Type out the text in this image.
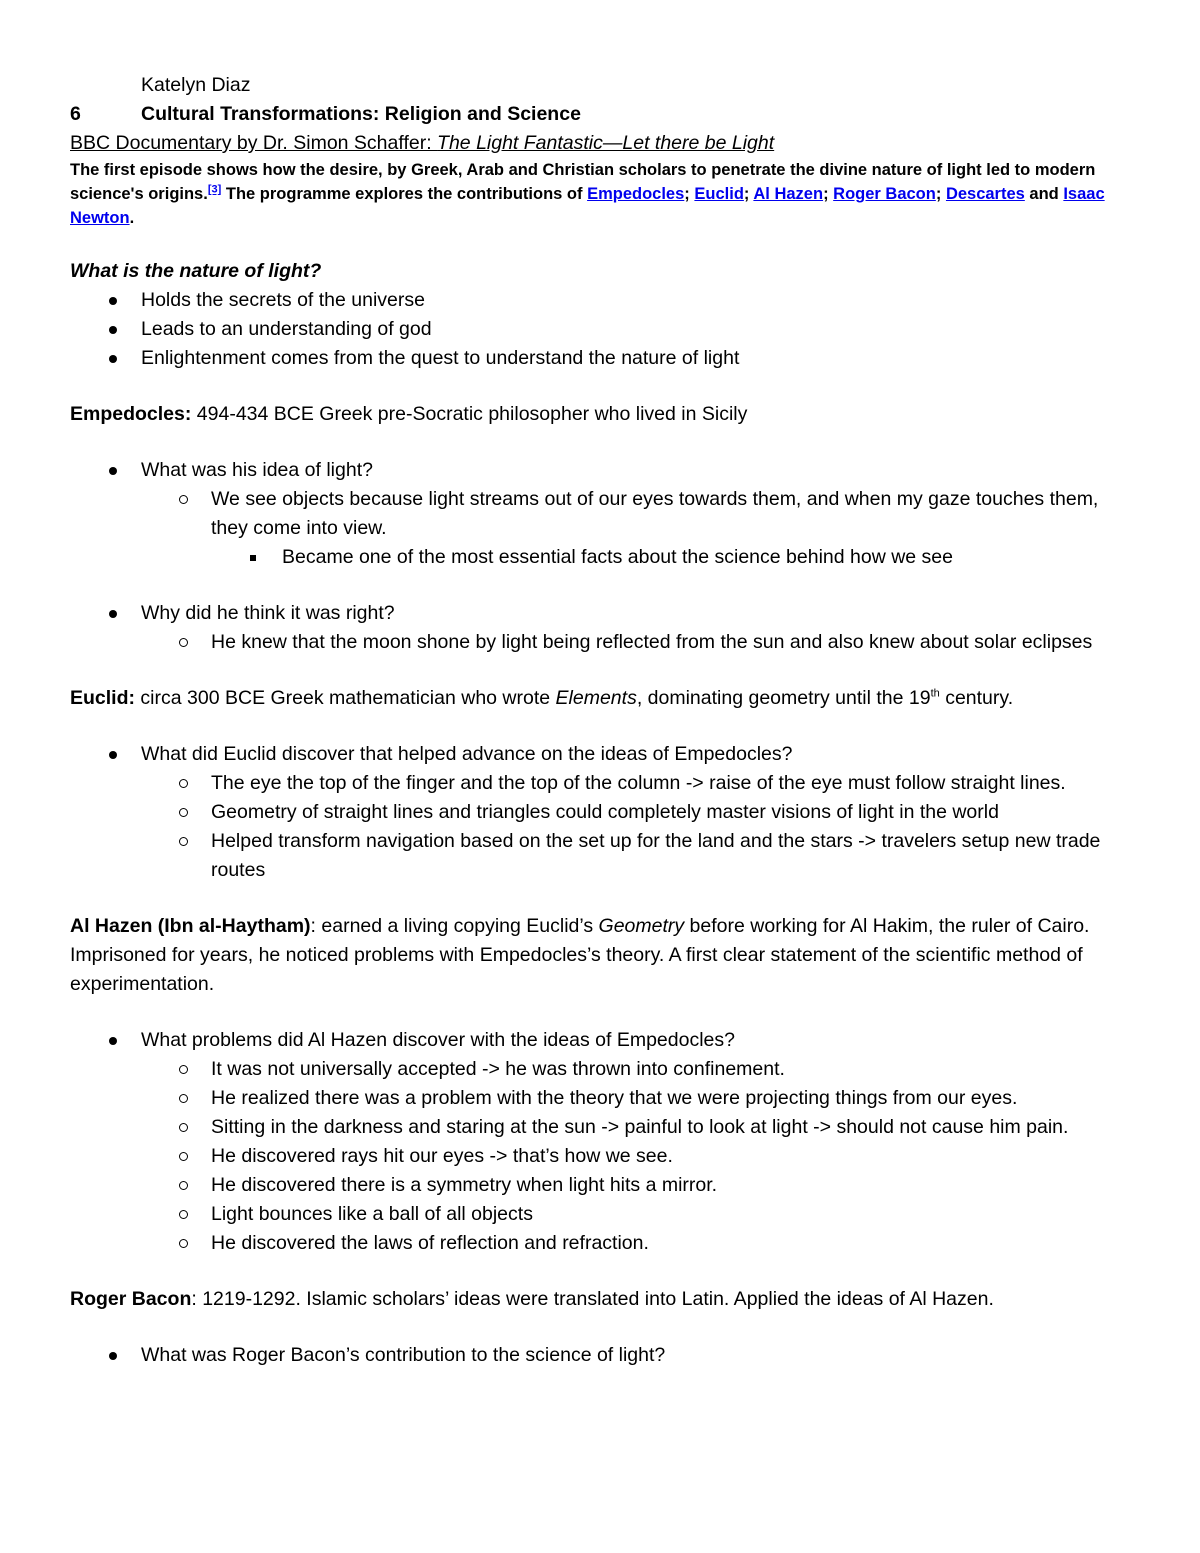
Katelyn Diaz

6	Cultural Transformations: Religion and Science

BBC Documentary by Dr. Simon Schaffer: The Light Fantastic—Let there be Light

The first episode shows how the desire, by Greek, Arab and Christian scholars to penetrate the divine nature of light led to modern science's origins.[3] The programme explores the contributions of Empedocles; Euclid; Al Hazen; Roger Bacon; Descartes and Isaac Newton.

What is the nature of light?

Holds the secrets of the universe
Leads to an understanding of god
Enlightenment comes from the quest to understand the nature of light

Empedocles: 494-434 BCE Greek pre-Socratic philosopher who lived in Sicily

What was his idea of light?
We see objects because light streams out of our eyes towards them, and when my gaze touches them, they come into view.
Became one of the most essential facts about the science behind how we see
Why did he think it was right?
He knew that the moon shone by light being reflected from the sun and also knew about solar eclipses

Euclid: circa 300 BCE Greek mathematician who wrote Elements, dominating geometry until the 19th century.

What did Euclid discover that helped advance on the ideas of Empedocles?
The eye the top of the finger and the top of the column -> raise of the eye must follow straight lines.
Geometry of straight lines and triangles could completely master visions of light in the world
Helped transform navigation based on the set up for the land and the stars -> travelers setup new trade routes

Al Hazen (Ibn al-Haytham): earned a living copying Euclid’s Geometry before working for Al Hakim, the ruler of Cairo. Imprisoned for years, he noticed problems with Empedocles’s theory. A first clear statement of the scientific method of experimentation.

What problems did Al Hazen discover with the ideas of Empedocles?
It was not universally accepted -> he was thrown into confinement.
He realized there was a problem with the theory that we were projecting things from our eyes.
Sitting in the darkness and staring at the sun -> painful to look at light -> should not cause him pain.
He discovered rays hit our eyes -> that’s how we see.
He discovered there is a symmetry when light hits a mirror.
Light bounces like a ball of all objects
He discovered the laws of reflection and refraction.

Roger Bacon: 1219-1292. Islamic scholars’ ideas were translated into Latin. Applied the ideas of Al Hazen.

What was Roger Bacon’s contribution to the science of light?
